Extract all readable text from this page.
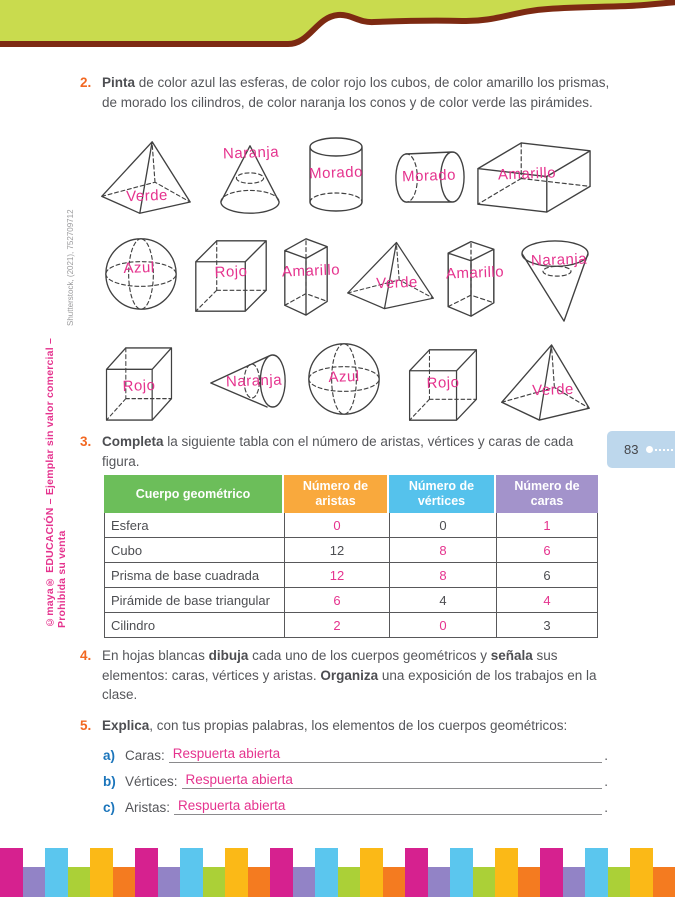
©maya® EDUCACIÓN – Ejemplar sin valor comercial – Prohibida su venta
Shutterstock, (2021), 752709712
2. Pinta de color azul las esferas, de color rojo los cubos, de color amarillo los prismas, de morado los cilindros, de color naranja los conos y de color verde las pirámides.
Verde
Naranja
Morado	Morado	Amarillo
Azul	Rojo Amarillo
Verde
Amarillo
Naranja
Rojo	Naranja	Azul	Rojo	Verde
3. Completa la siguiente tabla con el número de aristas, vértices y caras de cada figura.
83
Cuerpo geométrico	Número de aristas	Número de vértices	Número de caras
Esfera	0	0	1
Cubo	12	8	6
Prisma de base cuadrada	12	8	6
Pirámide de base triangular	6	4	4
Cilindro	2	0	3
4. En hojas blancas dibuja cada uno de los cuerpos geométricos y señala sus elementos: caras, vértices y aristas. Organiza una exposición de los trabajos en la clase.
5. Explica, con tus propias palabras, los elementos de los cuerpos geométricos:
a) Caras: Respuerta abierta	.
b) Vértices: Respuerta abierta	.
c) Aristas: Respuerta abierta	.
